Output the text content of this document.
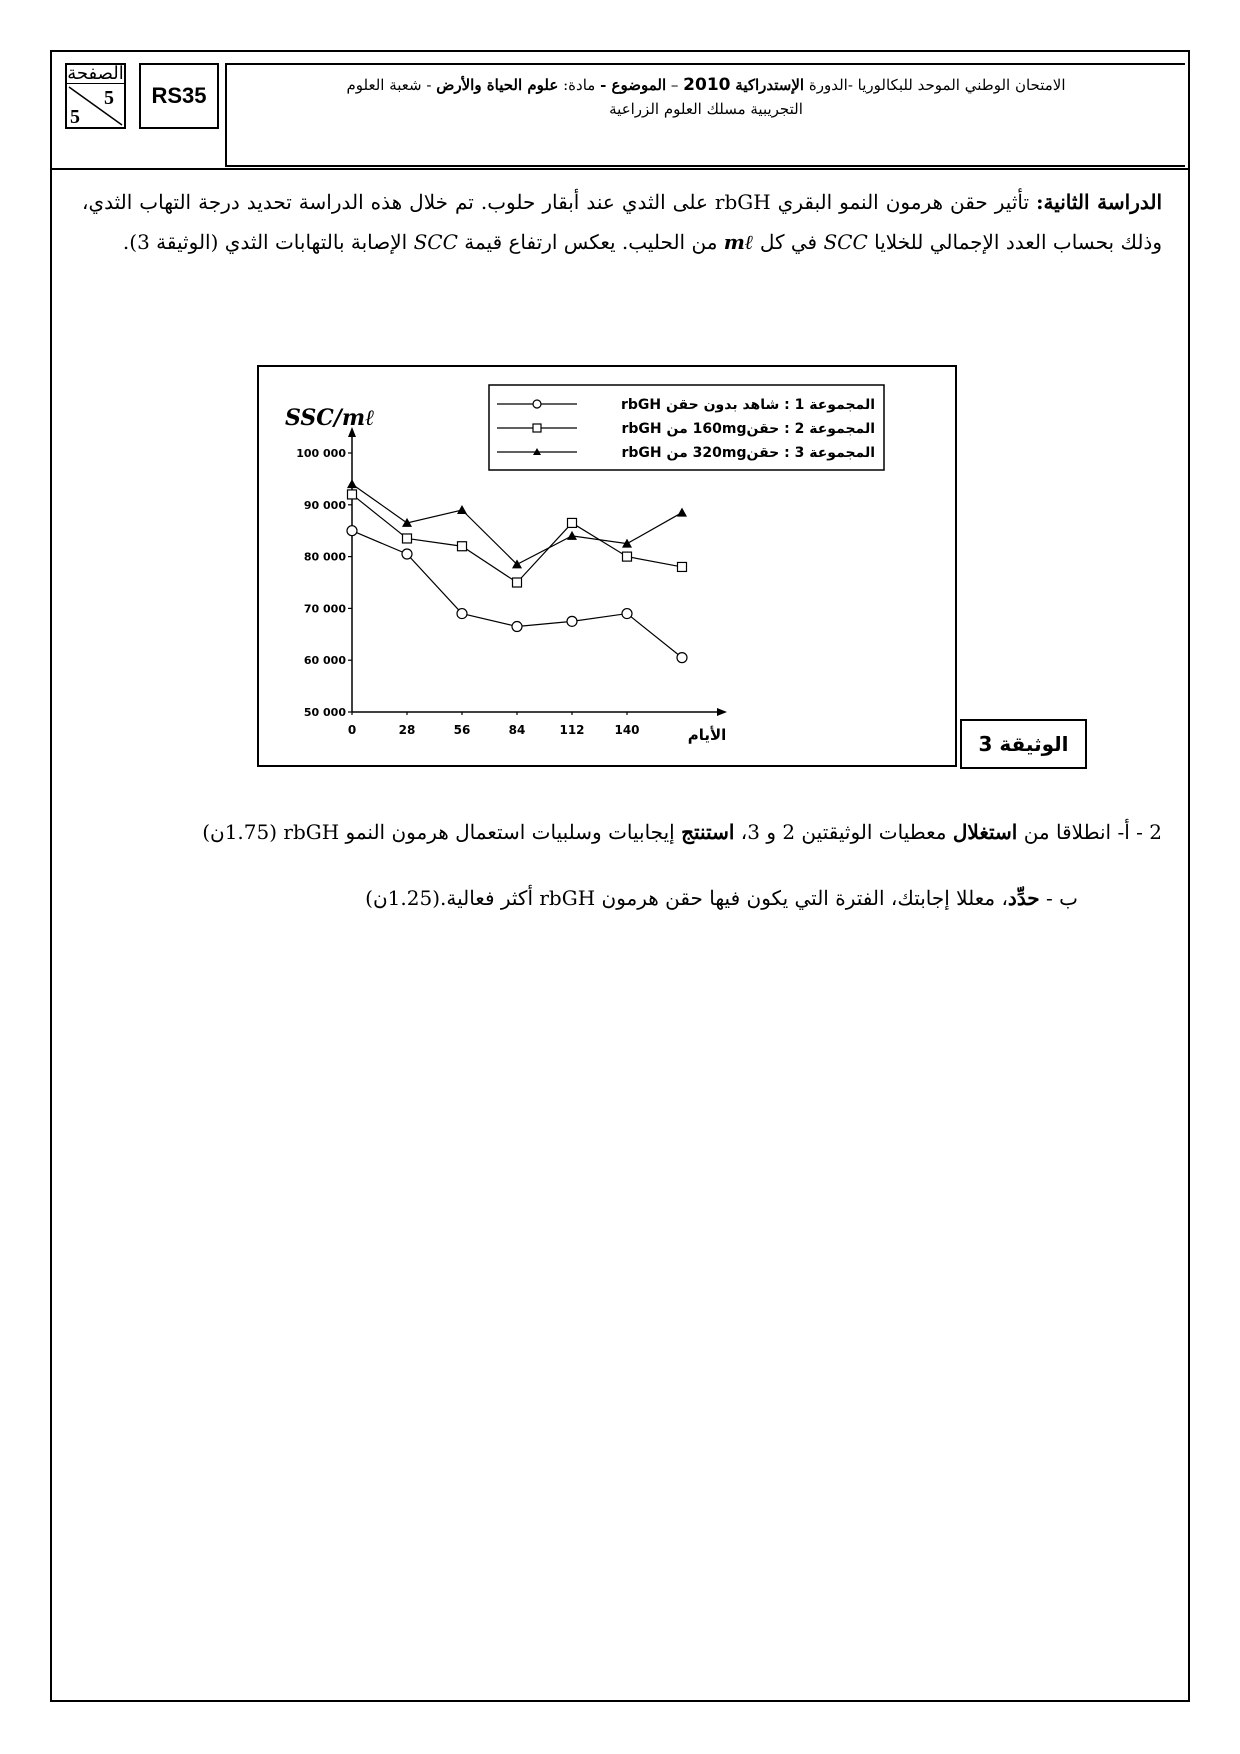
الصفحة
5
5
RS35	الامتحان الوطني الموحد للبكالوريا -الدورة الإستدراكية 2010 – الموضوع - مادة: علوم الحياة والأرض - شعبة العلوم
التجريبية مسلك العلوم الزراعية
الدراسة الثانية: تأثير حقن هرمون النمو البقري rbGH على الثدي عند أبقار حلوب. تم خلال هذه الدراسة تحديد درجة التهاب الثدي، وذلك بحساب العدد الإجمالي للخلايا SCC في كل mℓ من الحليب. يعكس ارتفاع قيمة SCC الإصابة بالتهابات الثدي (الوثيقة 3).
50 000
60 000
70 000
80 000
90 000
100 000
0	28	56	84	112 140
SSC/mℓ
الأيام
المجموعة 1 : شاهد بدون حقن rbGH
المجموعة 2 : حقن160mg من rbGH
المجموعة 3 : حقن320mg من rbGH
الوثيقة 3
2 - أ- انطلاقا من استغلال معطيات الوثيقتين 2 و 3، استنتج إيجابيات وسلبيات استعمال هرمون النمو rbGH (1.75ن)
ب - حدِّد، معللا إجابتك، الفترة التي يكون فيها حقن هرمون rbGH أكثر فعالية.(1.25ن)
